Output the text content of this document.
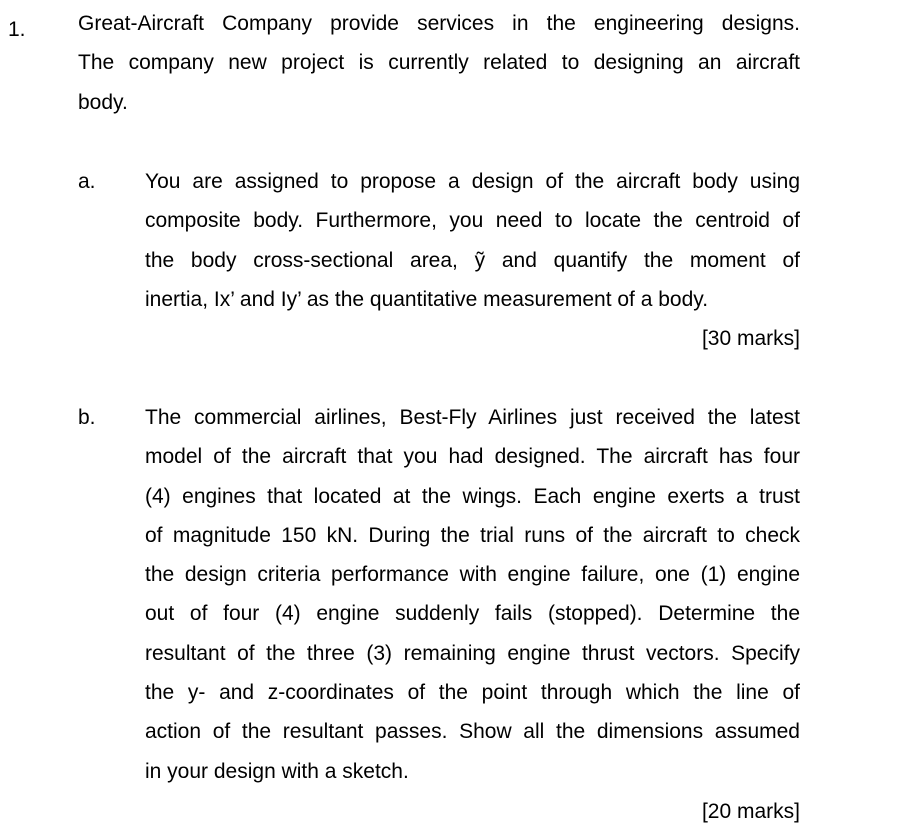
1. Great-Aircraft Company provide services in the engineering designs.
The company new project is currently related to designing an aircraft
body.
a. You are assigned to propose a design of the aircraft body using
composite body. Furthermore, you need to locate the centroid of
the body cross-sectional area, ỹ and quantify the moment of
inertia, Ix’ and Iy’ as the quantitative measurement of a body.
[30 marks]
b. The commercial airlines, Best-Fly Airlines just received the latest
model of the aircraft that you had designed. The aircraft has four
(4) engines that located at the wings. Each engine exerts a trust
of magnitude 150 kN. During the trial runs of the aircraft to check
the design criteria performance with engine failure, one (1) engine
out of four (4) engine suddenly fails (stopped). Determine the
resultant of the three (3) remaining engine thrust vectors. Specify
the y- and z-coordinates of the point through which the line of
action of the resultant passes. Show all the dimensions assumed
in your design with a sketch.
[20 marks]
